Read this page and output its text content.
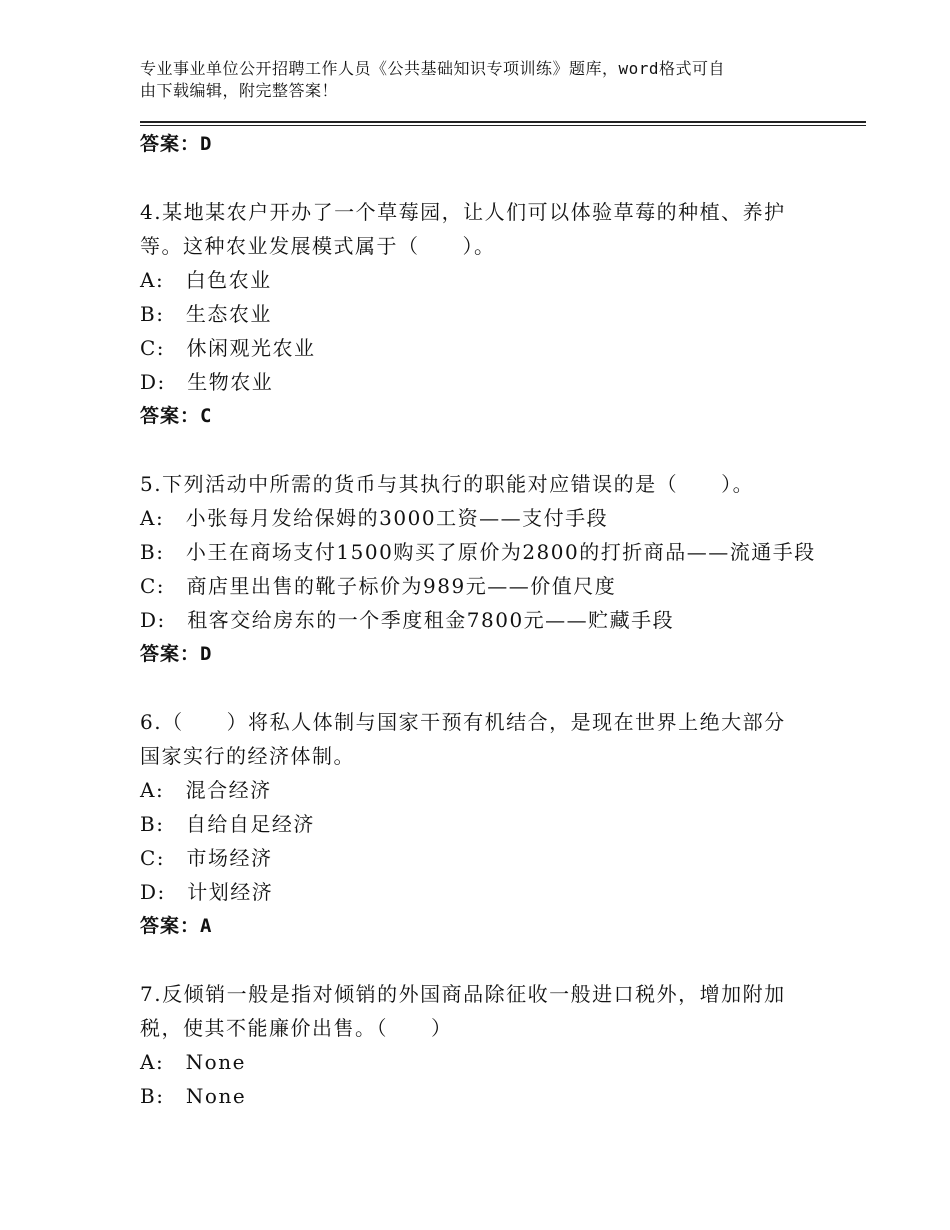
专业事业单位公开招聘工作人员《公共基础知识专项训练》题库，word格式可自
由下载编辑，附完整答案！
答案：D
4.某地某农户开办了一个草莓园，让人们可以体验草莓的种植、养护
等。这种农业发展模式属于（　　）。
A:　白色农业
B:　生态农业
C:　休闲观光农业
D:　生物农业
答案：C
5.下列活动中所需的货币与其执行的职能对应错误的是（　　）。
A:　小张每月发给保姆的3000工资——支付手段
B:　小王在商场支付1500购买了原价为2800的打折商品——流通手段
C:　商店里出售的靴子标价为989元——价值尺度
D:　租客交给房东的一个季度租金7800元——贮藏手段
答案：D
6.（　　）将私人体制与国家干预有机结合，是现在世界上绝大部分
国家实行的经济体制。
A:　混合经济
B:　自给自足经济
C:　市场经济
D:　计划经济
答案：A
7.反倾销一般是指对倾销的外国商品除征收一般进口税外，增加附加
税，使其不能廉价出售。（　　）
A:　None
B:　None
